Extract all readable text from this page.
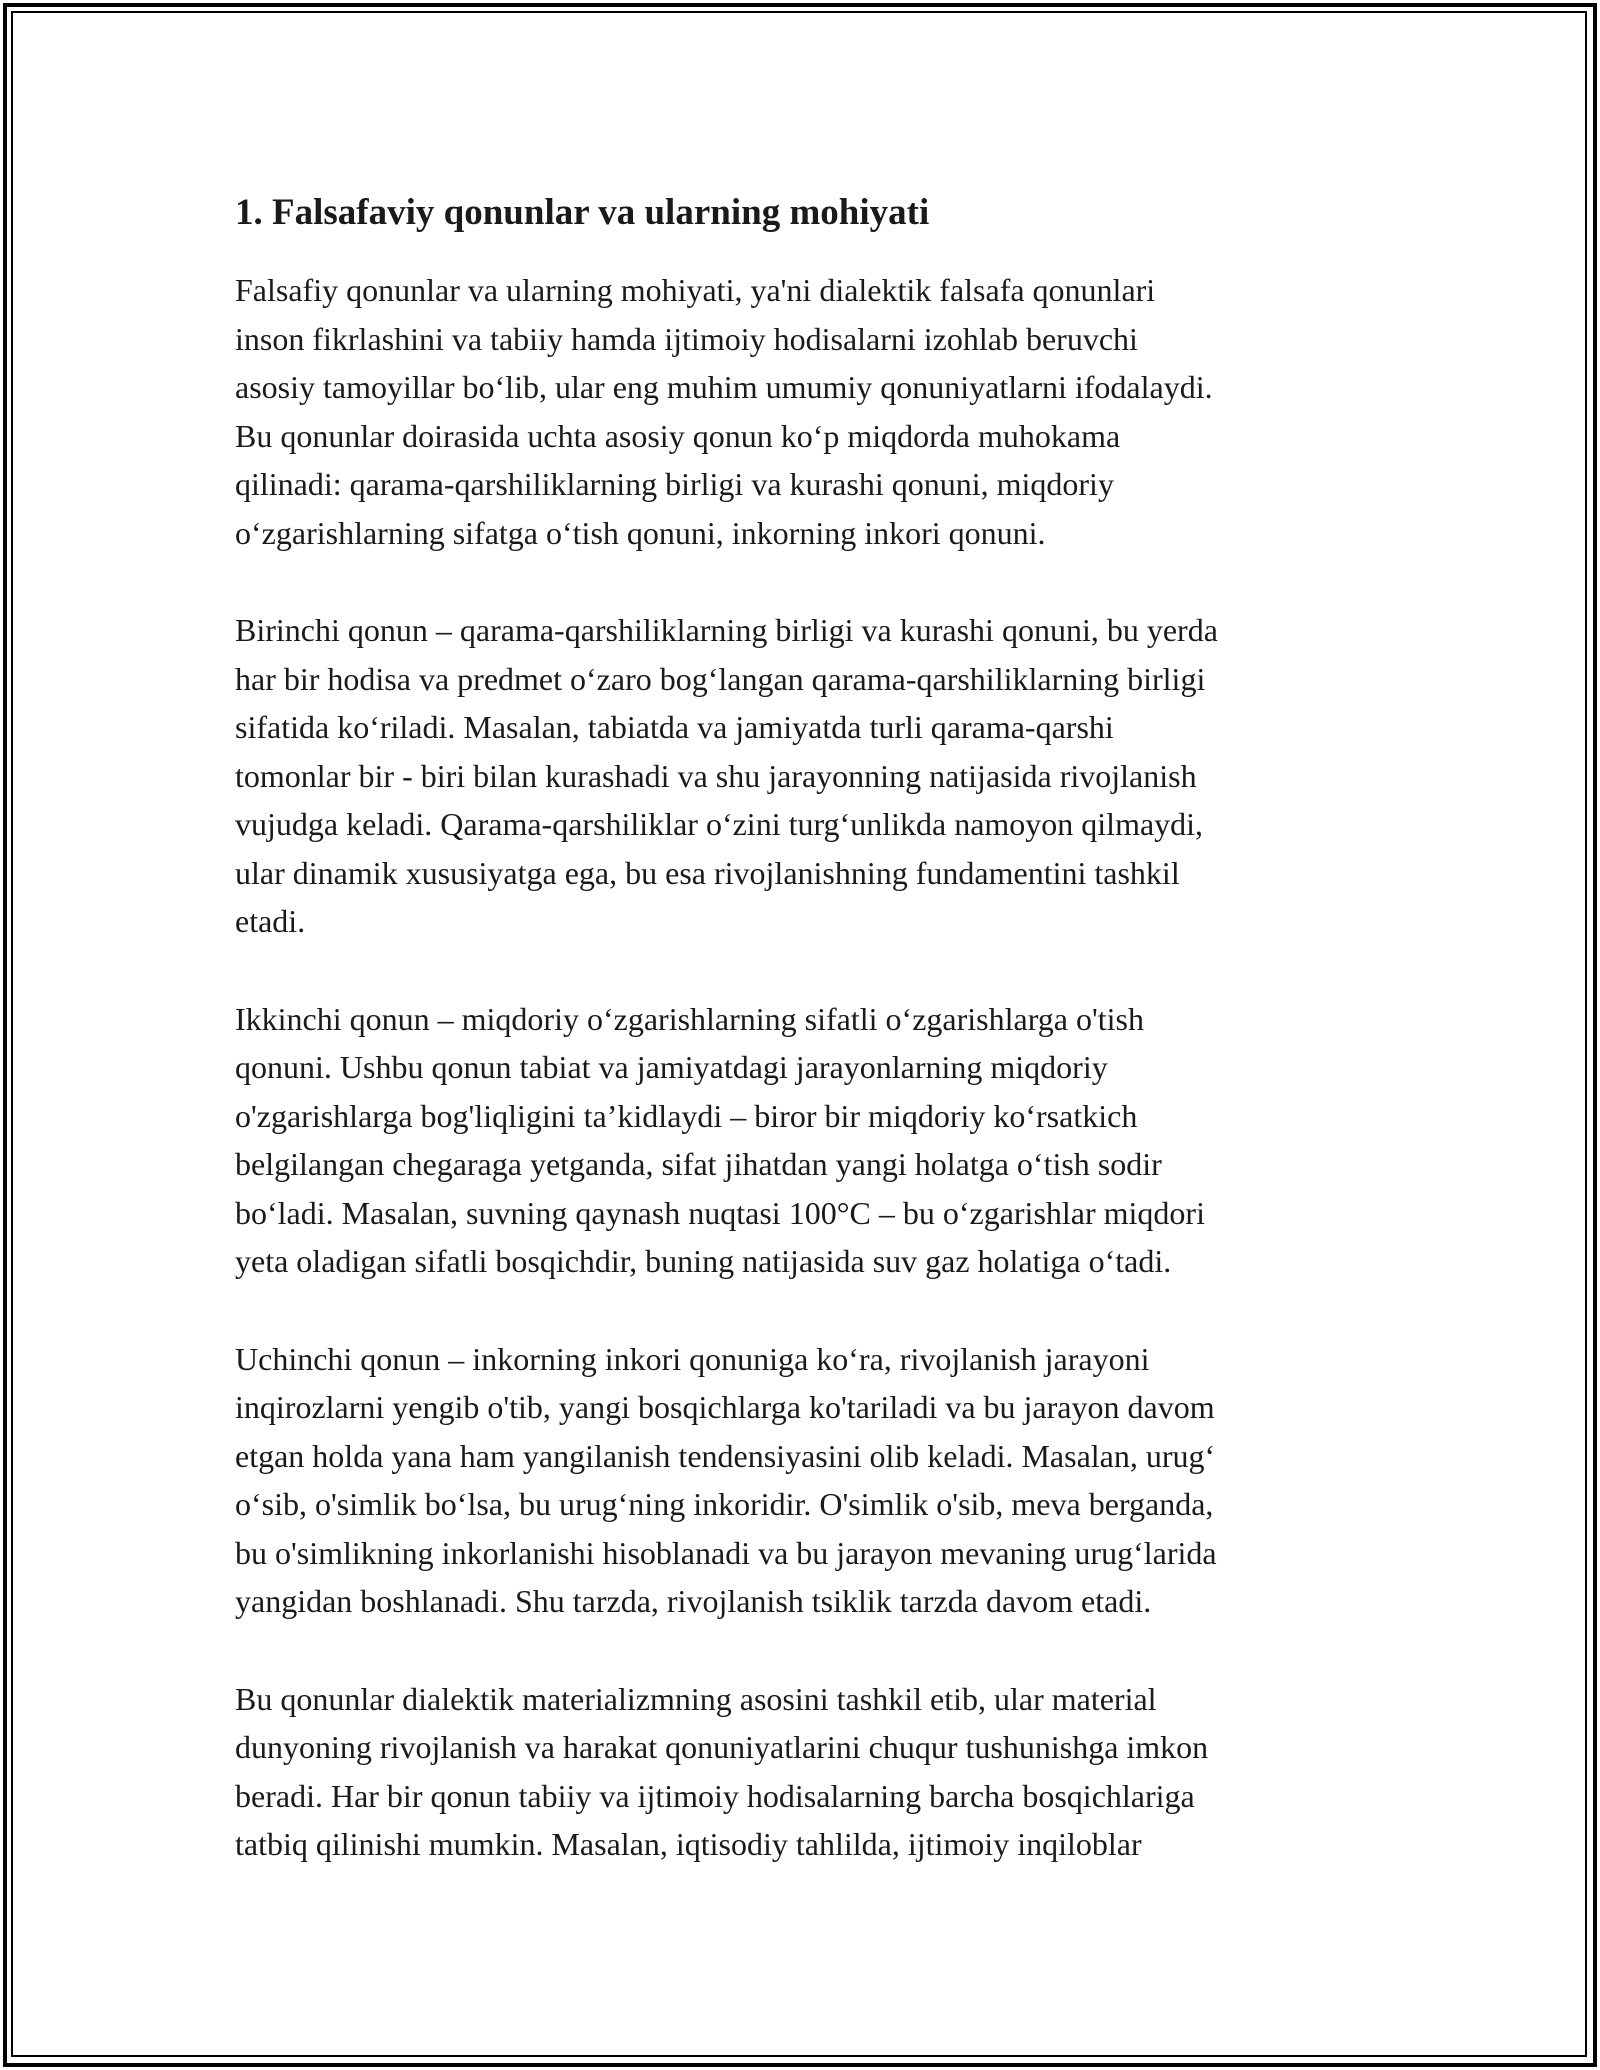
1. Falsafaviy qonunlar va ularning mohiyati

Falsafiy qonunlar va ularning mohiyati, ya'ni dialektik falsafa qonunlari
inson fikrlashini va tabiiy hamda ijtimoiy hodisalarni izohlab beruvchi
asosiy tamoyillar bo‘lib, ular eng muhim umumiy qonuniyatlarni ifodalaydi.
Bu qonunlar doirasida uchta asosiy qonun ko‘p miqdorda muhokama
qilinadi: qarama-qarshiliklarning birligi va kurashi qonuni, miqdoriy
o‘zgarishlarning sifatga o‘tish qonuni, inkorning inkori qonuni.

Birinchi qonun – qarama-qarshiliklarning birligi va kurashi qonuni, bu yerda
har bir hodisa va predmet o‘zaro bog‘langan qarama-qarshiliklarning birligi
sifatida ko‘riladi. Masalan, tabiatda va jamiyatda turli qarama-qarshi
tomonlar bir - biri bilan kurashadi va shu jarayonning natijasida rivojlanish
vujudga keladi. Qarama-qarshiliklar o‘zini turg‘unlikda namoyon qilmaydi,
ular dinamik xususiyatga ega, bu esa rivojlanishning fundamentini tashkil
etadi.

Ikkinchi qonun – miqdoriy o‘zgarishlarning sifatli o‘zgarishlarga o'tish
qonuni. Ushbu qonun tabiat va jamiyatdagi jarayonlarning miqdoriy
o'zgarishlarga bog'liqligini ta’kidlaydi – biror bir miqdoriy ko‘rsatkich
belgilangan chegaraga yetganda, sifat jihatdan yangi holatga o‘tish sodir
bo‘ladi. Masalan, suvning qaynash nuqtasi 100°C – bu o‘zgarishlar miqdori
yeta oladigan sifatli bosqichdir, buning natijasida suv gaz holatiga o‘tadi.

Uchinchi qonun – inkorning inkori qonuniga ko‘ra, rivojlanish jarayoni
inqirozlarni yengib o'tib, yangi bosqichlarga ko'tariladi va bu jarayon davom
etgan holda yana ham yangilanish tendensiyasini olib keladi. Masalan, urug‘
o‘sib, o'simlik bo‘lsa, bu urug‘ning inkoridir. O'simlik o'sib, meva berganda,
bu o'simlikning inkorlanishi hisoblanadi va bu jarayon mevaning urug‘larida
yangidan boshlanadi. Shu tarzda, rivojlanish tsiklik tarzda davom etadi.

Bu qonunlar dialektik materializmning asosini tashkil etib, ular material
dunyoning rivojlanish va harakat qonuniyatlarini chuqur tushunishga imkon
beradi. Har bir qonun tabiiy va ijtimoiy hodisalarning barcha bosqichlariga
tatbiq qilinishi mumkin. Masalan, iqtisodiy tahlilda, ijtimoiy inqiloblar
